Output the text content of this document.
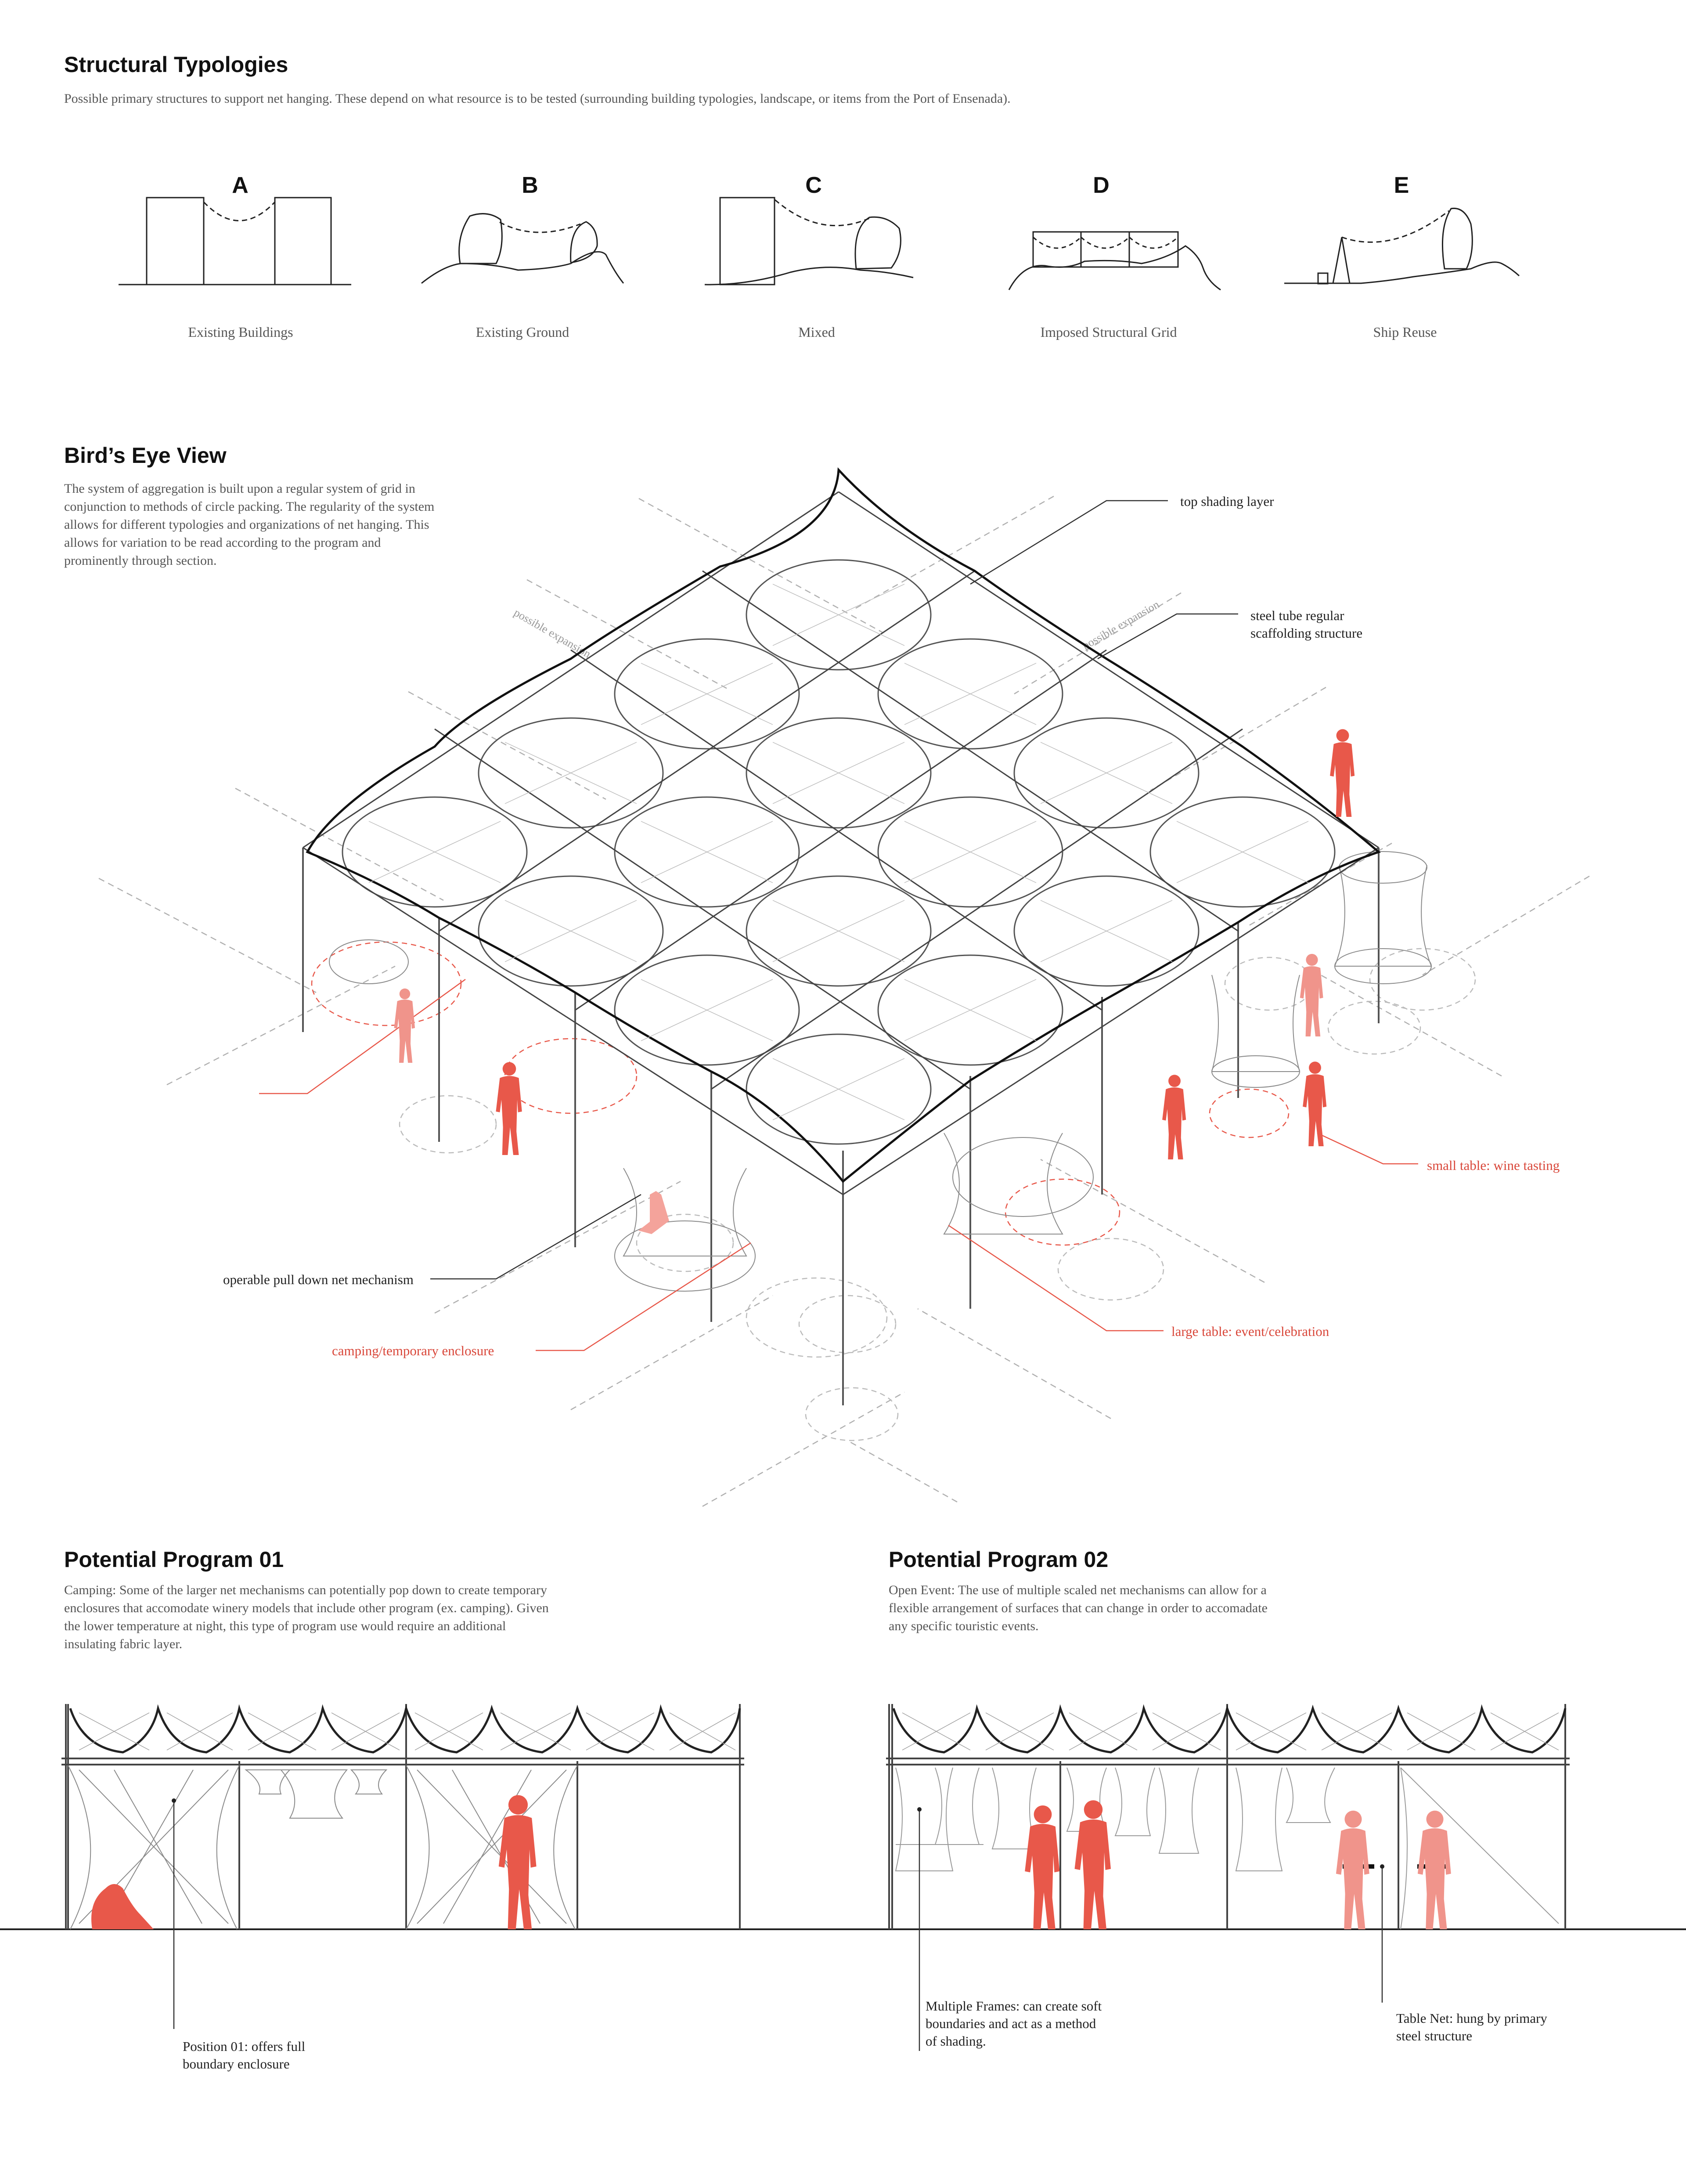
Structural Typologies
Possible primary structures to support net hanging. These depend on what resource is to be tested (surrounding building typologies, landscape, or items from the Port of Ensenada).
A	B	C	D	E
Existing Buildings	Existing Ground	Mixed	Imposed Structural Grid	Ship Reuse
Bird’s Eye View
The system of aggregation is built upon a regular system of grid in conjunction to methods of circle packing. The regularity of the system allows for different typologies and organizations of net hanging. This allows for variation to be read according to the program and prominently through section.
top shading layer
steel tube regular scaffolding structure
possible expansion	possible expansion
operable pull down net mechanism
camping/temporary enclosure
large table: event/celebration
small table: wine tasting
Potential Program 01
Camping: Some of the larger net mechanisms can potentially pop down to create temporary enclosures that accomodate winery models that include other program (ex. camping). Given the lower temperature at night, this type of program use would require an additional insulating fabric layer.
Potential Program 02
Open Event: The use of multiple scaled net mechanisms can allow for a flexible arrangement of surfaces that can change in order to accomadate any specific touristic events.
Position 01: offers full boundary enclosure
Multiple Frames: can create soft boundaries and act as a method of shading.
Table Net: hung by primary steel structure
